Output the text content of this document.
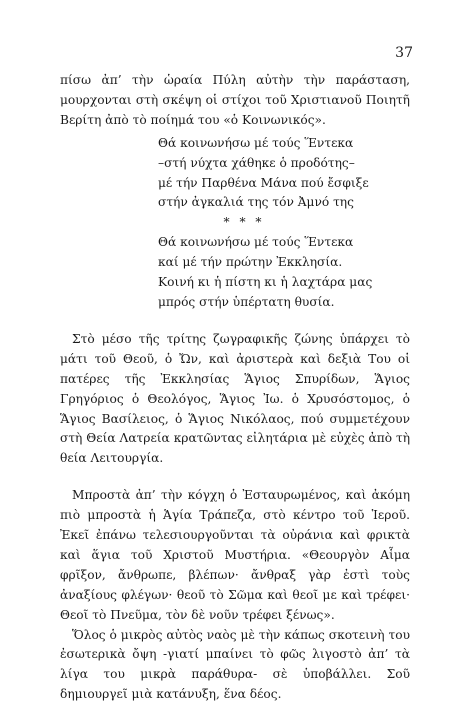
37

πίσω ἀπ’ τὴν ὡραία Πύλη αὐτὴν τὴν παράσταση, μουρχονται στὴ σκέψη οἱ στίχοι τοῦ Χριστιανοῦ Ποιητῆ Βερίτη ἀπὸ τὸ ποίημά του «ὁ Κοινωνικός».

Θά κοινωνήσω μέ τούς Ἕντεκα
–στή νύχτα χάθηκε ὁ προδότης–
μέ τήν Παρθένα Μάνα πού ἔσφιξε
στήν ἀγκαλιά της τόν Ἀμνό της
* * *
Θά κοινωνήσω μέ τούς Ἕντεκα
καί μέ τήν πρώτην Ἐκκλησία.
Κοινή κι ἡ πίστη κι ἡ λαχτάρα μας
μπρός στήν ὑπέρτατη θυσία.

Στὸ μέσο τῆς τρίτης ζωγραφικῆς ζώνης ὑπάρχει τὸ μάτι τοῦ Θεοῦ, ὁ Ὤν, καὶ ἀριστερὰ καὶ δεξιὰ Του οἱ πατέρες τῆς Ἐκκλησίας Ἅγιος Σπυρίδων, Ἅγιος Γρηγόριος ὁ Θεολόγος, Ἅγιος Ἰω. ὁ Χρυσόστομος, ὁ Ἅγιος Βασίλειος, ὁ Ἅγιος Νικόλαος, πού συμμετέχουν στὴ Θεία Λατρεία κρατῶντας εἰλητάρια μὲ εὐχὲς ἀπὸ τὴ θεία Λειτουργία.

Μπροστὰ ἀπ’ τὴν κόγχη ὁ Ἐσταυρωμένος, καὶ ἀκόμη πιὸ μπροστὰ ἡ Ἁγία Τράπεζα, στὸ κέντρο τοῦ Ἱεροῦ. Ἐκεῖ ἐπάνω τελεσιουργοῦνται τὰ οὐράνια καὶ φρικτὰ καὶ ἅγια τοῦ Χριστοῦ Μυστήρια. «Θεουργὸν Αἷμα φρῖξον, ἄνθρωπε, βλέπων· ἄνθραξ γὰρ ἐστὶ τοὺς ἀναξίους φλέγων· θεοῦ τὸ Σῶμα καὶ θεοῖ με καὶ τρέφει· Θεοῖ τὸ Πνεῦμα, τὸν δὲ νοῦν τρέφει ξένως».

Ὅλος ὁ μικρὸς αὐτὸς ναὸς μὲ τὴν κάπως σκοτεινὴ του ἐσωτερικὰ ὄψη -γιατί μπαίνει τὸ φῶς λιγοστὸ ἀπ’ τὰ λίγα του μικρὰ παράθυρα- σὲ ὑποβάλλει. Σοῦ δημιουργεῖ μιὰ κατάνυξη, ἕνα δέος.
